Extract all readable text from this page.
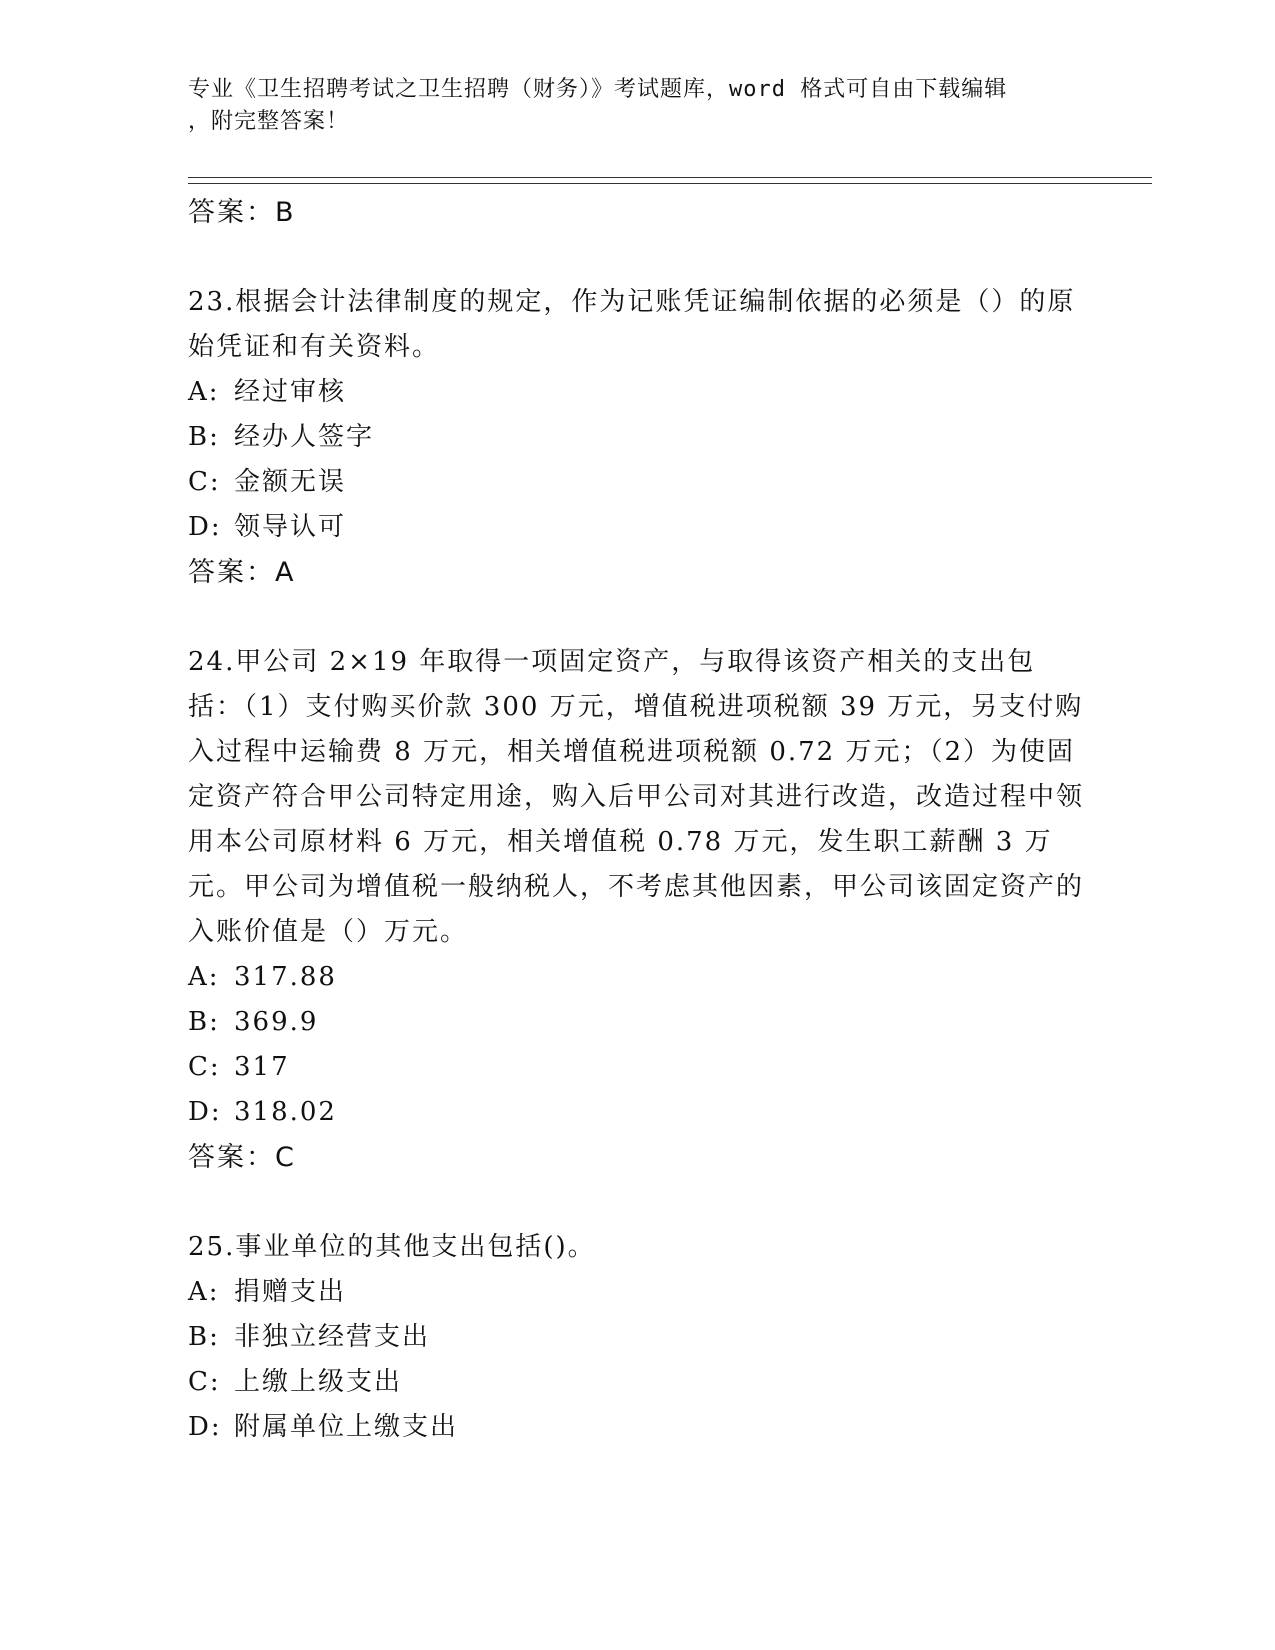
专业《卫生招聘考试之卫生招聘（财务）》考试题库，word 格式可自由下载编辑
，附完整答案！
答案：B
23.根据会计法律制度的规定，作为记账凭证编制依据的必须是（）的原始凭证和有关资料。
A: 经过审核
B: 经办人签字
C: 金额无误
D: 领导认可
答案：A
24.甲公司 2×19 年取得一项固定资产，与取得该资产相关的支出包括：（1）支付购买价款 300 万元，增值税进项税额 39 万元，另支付购入过程中运输费 8 万元，相关增值税进项税额 0.72 万元；（2）为使固定资产符合甲公司特定用途，购入后甲公司对其进行改造，改造过程中领用本公司原材料 6 万元，相关增值税 0.78 万元，发生职工薪酬 3 万元。甲公司为增值税一般纳税人，不考虑其他因素，甲公司该固定资产的入账价值是（）万元。
A: 317.88
B: 369.9
C: 317
D: 318.02
答案：C
25.事业单位的其他支出包括()。
A: 捐赠支出
B: 非独立经营支出
C: 上缴上级支出
D: 附属单位上缴支出
